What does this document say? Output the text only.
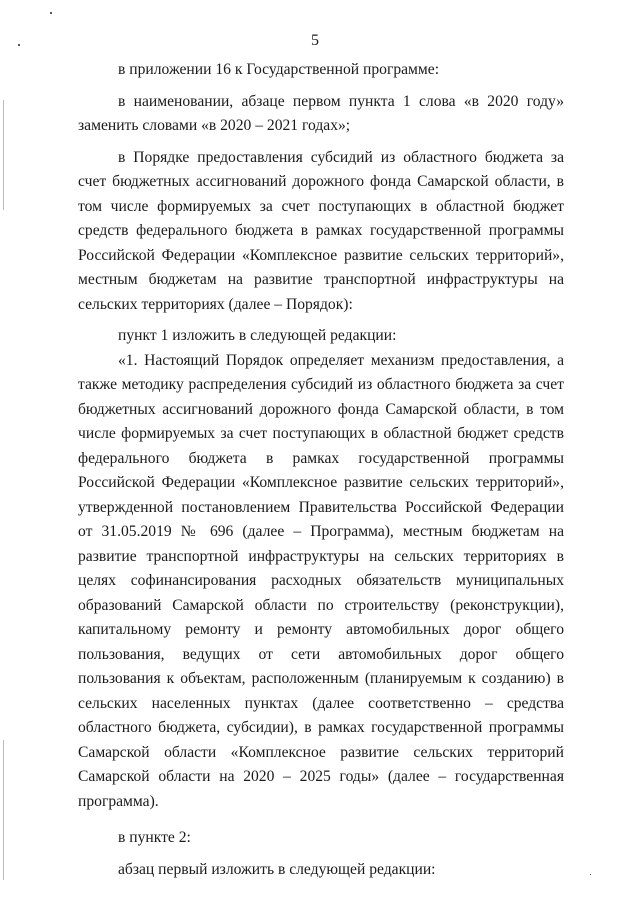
5

в приложении 16 к Государственной программе:

в наименовании, абзаце первом пункта 1 слова «в 2020 году» заменить словами «в 2020 – 2021 годах»;

в Порядке предоставления субсидий из областного бюджета за счет бюджетных ассигнований дорожного фонда Самарской области, в том числе формируемых за счет поступающих в областной бюджет средств федерального бюджета в рамках государственной программы Российской Федерации «Комплексное развитие сельских территорий», местным бюджетам на развитие транспортной инфраструктуры на сельских территориях (далее – Порядок):

пункт 1 изложить в следующей редакции:

«1. Настоящий Порядок определяет механизм предоставления, а также методику распределения субсидий из областного бюджета за счет бюджетных ассигнований дорожного фонда Самарской области, в том числе формируемых за счет поступающих в областной бюджет средств федерального бюджета в рамках государственной программы Российской Федерации «Комплексное развитие сельских территорий», утвержденной постановлением Правительства Российской Федерации от 31.05.2019 № 696 (далее – Программа), местным бюджетам на развитие транспортной инфраструктуры на сельских территориях в целях софинансирования расходных обязательств муниципальных образований Самарской области по строительству (реконструкции), капитальному ремонту и ремонту автомобильных дорог общего пользования, ведущих от сети автомобильных дорог общего пользования к объектам, расположенным (планируемым к созданию) в сельских населенных пунктах (далее соответственно – средства областного бюджета, субсидии), в рамках государственной программы Самарской области «Комплексное развитие сельских территорий Самарской области на 2020 – 2025 годы» (далее – государственная программа).

в пункте 2:

абзац первый изложить в следующей редакции:
